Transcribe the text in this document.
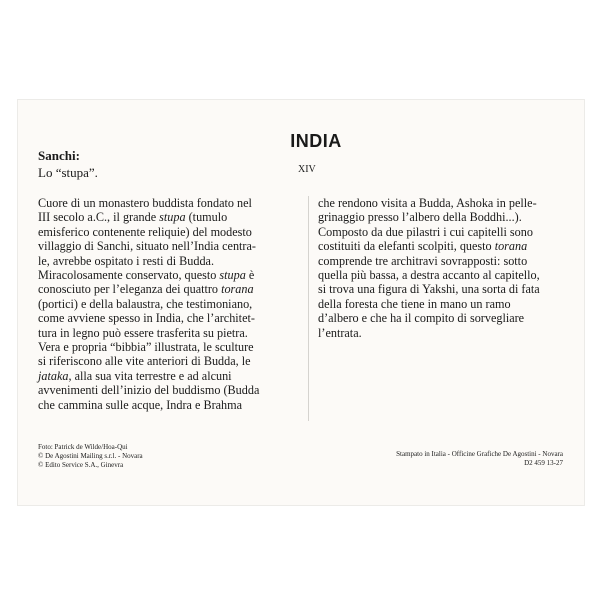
INDIA
XIV
Sanchi:
Lo “stupa”.
Cuore di un monastero buddista fondato nel
III secolo a.C., il grande stupa (tumulo
emisferico contenente reliquie) del modesto
villaggio di Sanchi, situato nell’India centra-
le, avrebbe ospitato i resti di Budda.
Miracolosamente conservato, questo stupa è
conosciuto per l’eleganza dei quattro torana
(portici) e della balaustra, che testimoniano,
come avviene spesso in India, che l’architet-
tura in legno può essere trasferita su pietra.
Vera e propria “bibbia” illustrata, le sculture
si riferiscono alle vite anteriori di Budda, le
jataka, alla sua vita terrestre e ad alcuni
avvenimenti dell’inizio del buddismo (Budda
che cammina sulle acque, Indra e Brahma
che rendono visita a Budda, Ashoka in pelle-
grinaggio presso l’albero della Boddhi...).
Composto da due pilastri i cui capitelli sono
costituiti da elefanti scolpiti, questo torana
comprende tre architravi sovrapposti: sotto
quella più bassa, a destra accanto al capitello,
si trova una figura di Yakshi, una sorta di fata
della foresta che tiene in mano un ramo
d’albero e che ha il compito di sorvegliare
l’entrata.
Foto: Patrick de Wilde/Hoa-Qui
© De Agostini Mailing s.r.l. - Novara
© Edito Service S.A., Ginevra
Stampato in Italia - Officine Grafiche De Agostini - Novara
D2 459 13-27
